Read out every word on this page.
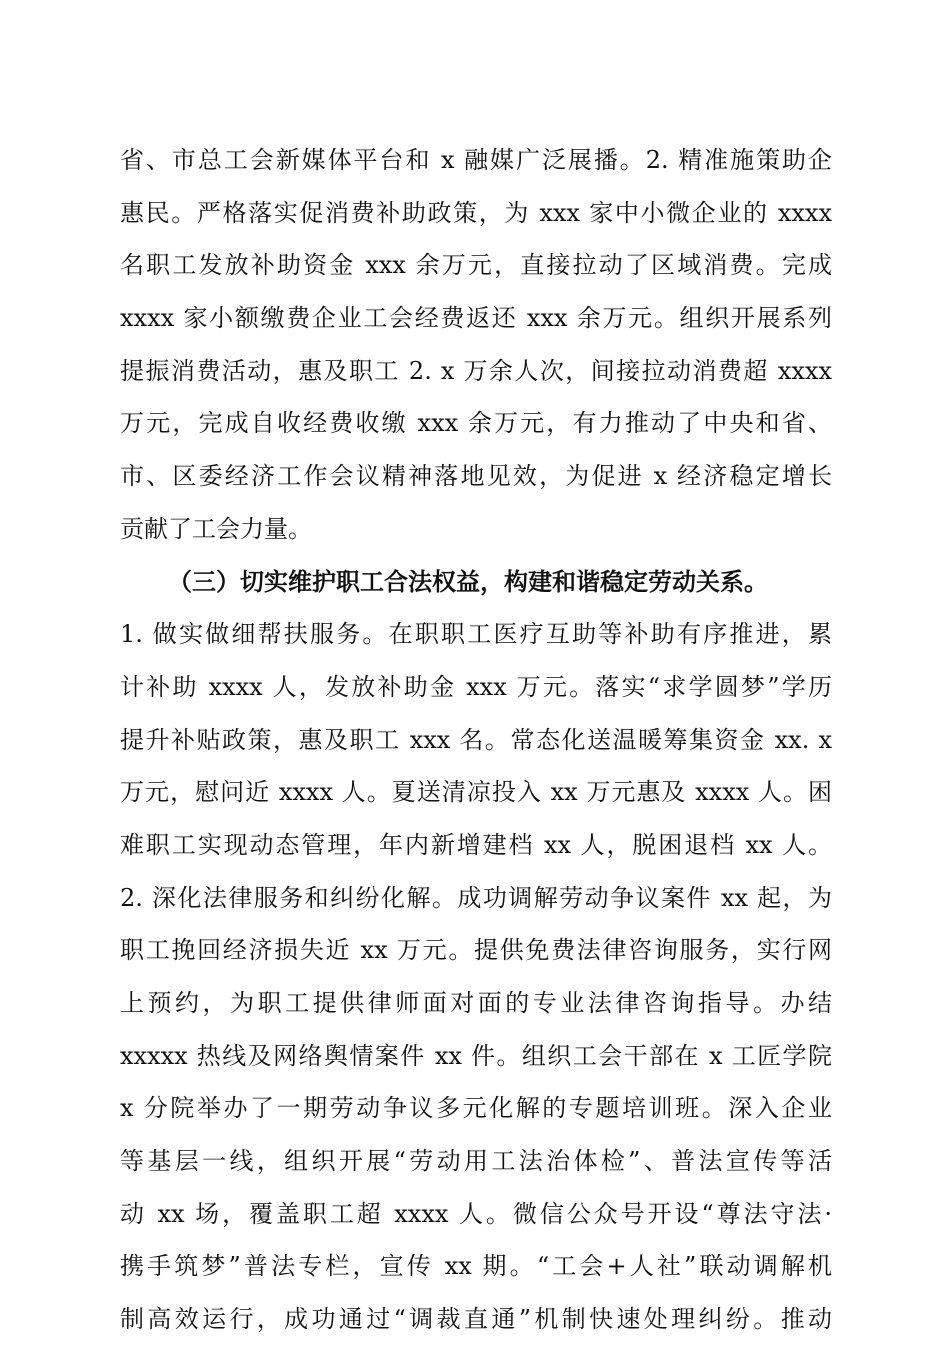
省、市总工会新媒体平台和 x 融媒广泛展播。2. 精准施策助企
惠民。严格落实促消费补助政策，为 xxx 家中小微企业的 xxxx
名职工发放补助资金 xxx 余万元，直接拉动了区域消费。完成
xxxx 家小额缴费企业工会经费返还 xxx 余万元。组织开展系列
提振消费活动，惠及职工 2. x 万余人次，间接拉动消费超 xxxx
万元，完成自收经费收缴 xxx 余万元，有力推动了中央和省、
市、区委经济工作会议精神落地见效，为促进 x 经济稳定增长
贡献了工会力量。
（三）切实维护职工合法权益，构建和谐稳定劳动关系。
1. 做实做细帮扶服务。在职职工医疗互助等补助有序推进，累
计补助 xxxx 人，发放补助金 xxx 万元。落实“求学圆梦”学历
提升补贴政策，惠及职工 xxx 名。常态化送温暖筹集资金 xx. x
万元，慰问近 xxxx 人。夏送清凉投入 xx 万元惠及 xxxx 人。困
难职工实现动态管理，年内新增建档 xx 人，脱困退档 xx 人。
2. 深化法律服务和纠纷化解。成功调解劳动争议案件 xx 起，为
职工挽回经济损失近 xx 万元。提供免费法律咨询服务，实行网
上预约，为职工提供律师面对面的专业法律咨询指导。办结
xxxxx 热线及网络舆情案件 xx 件。组织工会干部在 x 工匠学院
x 分院举办了一期劳动争议多元化解的专题培训班。深入企业
等基层一线，组织开展“劳动用工法治体检”、普法宣传等活
动 xx 场，覆盖职工超 xxxx 人。微信公众号开设“尊法守法·
携手筑梦”普法专栏，宣传 xx 期。“工会+人社”联动调解机
制高效运行，成功通过“调裁直通”机制快速处理纠纷。推动
